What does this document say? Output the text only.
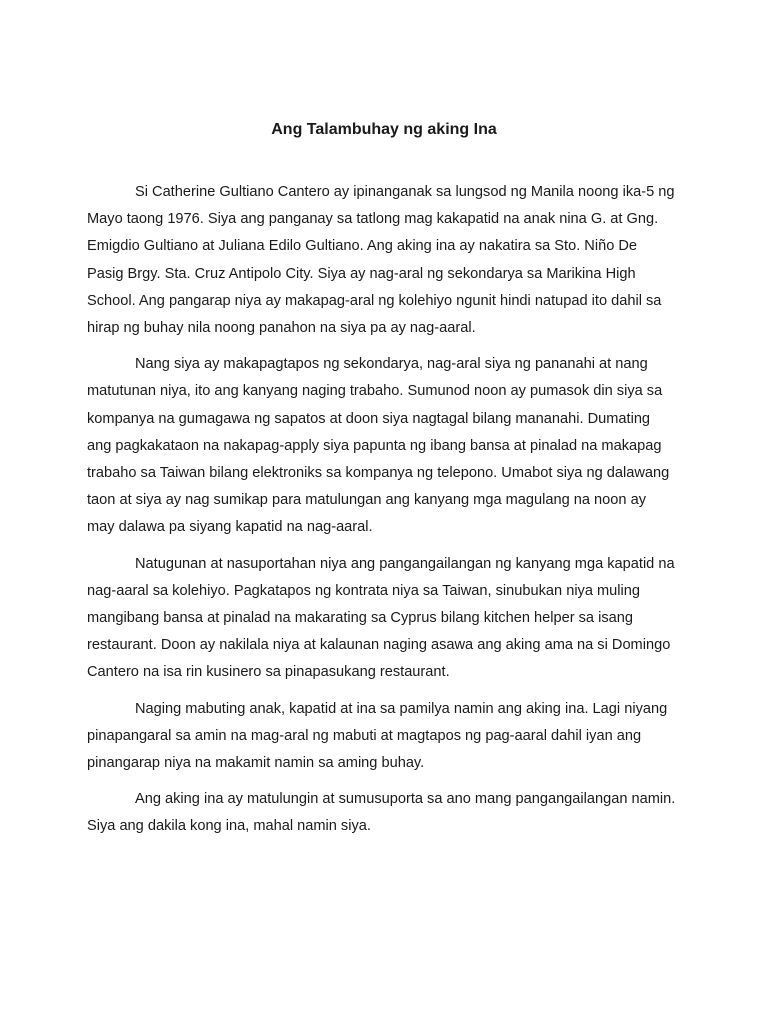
Ang Talambuhay ng aking Ina

Si Catherine Gultiano Cantero ay ipinanganak sa lungsod ng Manila noong ika-5 ng Mayo taong 1976. Siya ang panganay sa tatlong mag kakapatid na anak nina G. at Gng. Emigdio Gultiano at Juliana Edilo Gultiano. Ang aking ina ay nakatira sa Sto. Niño De Pasig Brgy. Sta. Cruz Antipolo City. Siya ay nag-aral ng sekondarya sa Marikina High School. Ang pangarap niya ay makapag-aral ng kolehiyo ngunit hindi natupad ito dahil sa hirap ng buhay nila noong panahon na siya pa ay nag-aaral.

Nang siya ay makapagtapos ng sekondarya, nag-aral siya ng pananahi at nang matutunan niya, ito ang kanyang naging trabaho. Sumunod noon ay pumasok din siya sa kompanya na gumagawa ng sapatos at doon siya nagtagal bilang mananahi. Dumating ang pagkakataon na nakapag-apply siya papunta ng ibang bansa at pinalad na makapag trabaho sa Taiwan bilang elektroniks sa kompanya ng telepono. Umabot siya ng dalawang taon at siya ay nag sumikap para matulungan ang kanyang mga magulang na noon ay may dalawa pa siyang kapatid na nag-aaral.

Natugunan at nasuportahan niya ang pangangailangan ng kanyang mga kapatid na nag-aaral sa kolehiyo. Pagkatapos ng kontrata niya sa Taiwan, sinubukan niya muling mangibang bansa at pinalad na makarating sa Cyprus bilang kitchen helper sa isang restaurant. Doon ay nakilala niya at kalaunan naging asawa ang aking ama na si Domingo Cantero na isa rin kusinero sa pinapasukang restaurant.

Naging mabuting anak, kapatid at ina sa pamilya namin ang aking ina. Lagi niyang pinapangaral sa amin na mag-aral ng mabuti at magtapos ng pag-aaral dahil iyan ang pinangarap niya na makamit namin sa aming buhay.

Ang aking ina ay matulungin at sumusuporta sa ano mang pangangailangan namin. Siya ang dakila kong ina, mahal namin siya.
